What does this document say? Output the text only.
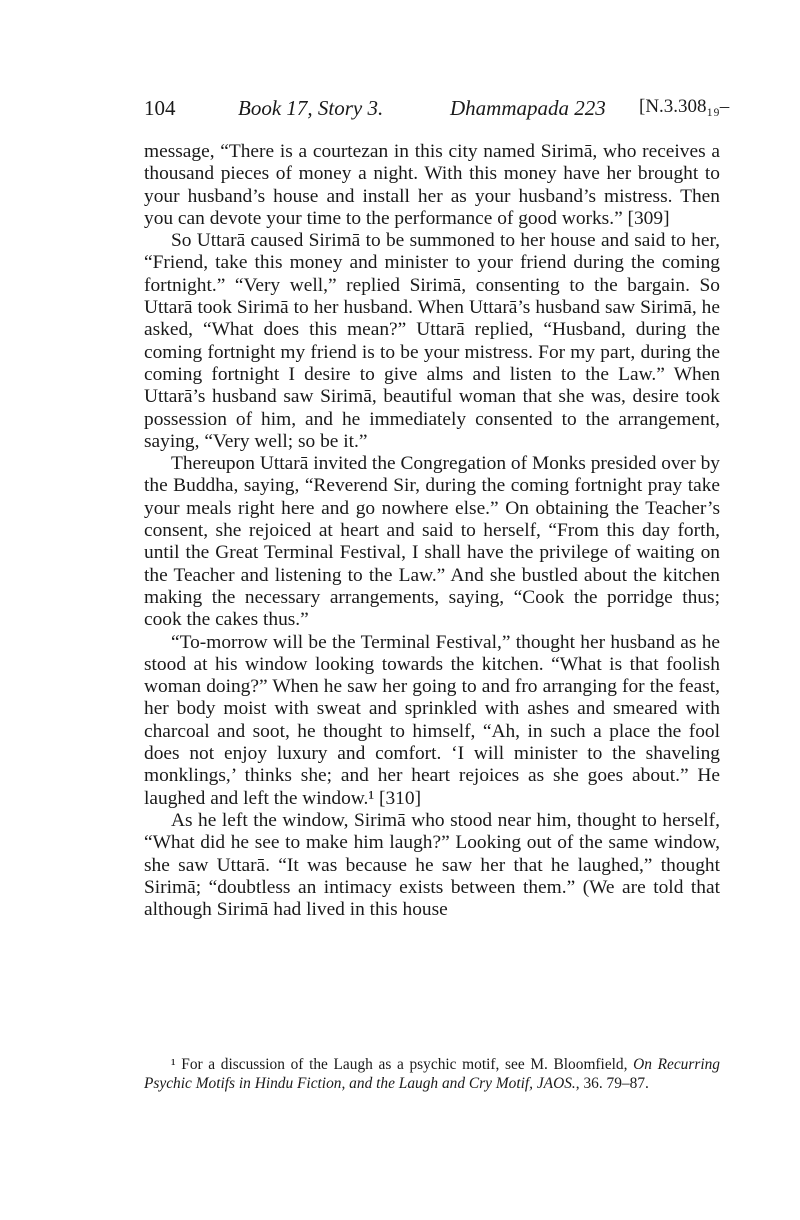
104	Book 17, Story 3.	Dhammapada 223 [N.3.308₁₉–

message, “There is a courtezan in this city named Sirimā, who receives a thousand pieces of money a night. With this money have her brought to your husband’s house and install her as your husband’s mistress. Then you can devote your time to the performance of good works.” [309]

So Uttarā caused Sirimā to be summoned to her house and said to her, “Friend, take this money and minister to your friend during the coming fortnight.” “Very well,” replied Sirimā, consenting to the bargain. So Uttarā took Sirimā to her husband. When Uttarā’s husband saw Sirimā, he asked, “What does this mean?” Uttarā replied, “Husband, during the coming fortnight my friend is to be your mistress. For my part, during the coming fortnight I desire to give alms and listen to the Law.” When Uttarā’s husband saw Sirimā, beautiful woman that she was, desire took possession of him, and he immediately consented to the arrangement, saying, “Very well; so be it.”

Thereupon Uttarā invited the Congregation of Monks presided over by the Buddha, saying, “Reverend Sir, during the coming fortnight pray take your meals right here and go nowhere else.” On obtaining the Teacher’s consent, she rejoiced at heart and said to herself, “From this day forth, until the Great Terminal Festival, I shall have the privilege of waiting on the Teacher and listening to the Law.” And she bustled about the kitchen making the necessary arrangements, saying, “Cook the porridge thus; cook the cakes thus.”

“To-morrow will be the Terminal Festival,” thought her husband as he stood at his window looking towards the kitchen. “What is that foolish woman doing?” When he saw her going to and fro arranging for the feast, her body moist with sweat and sprinkled with ashes and smeared with charcoal and soot, he thought to himself, “Ah, in such a place the fool does not enjoy luxury and comfort. ‘I will minister to the shaveling monklings,’ thinks she; and her heart rejoices as she goes about.” He laughed and left the window.¹ [310]

As he left the window, Sirimā who stood near him, thought to herself, “What did he see to make him laugh?” Looking out of the same window, she saw Uttarā. “It was because he saw her that he laughed,” thought Sirimā; “doubtless an intimacy exists between them.” (We are told that although Sirimā had lived in this house

¹ For a discussion of the Laugh as a psychic motif, see M. Bloomfield, On Recurring Psychic Motifs in Hindu Fiction, and the Laugh and Cry Motif, JAOS., 36. 79–87.
